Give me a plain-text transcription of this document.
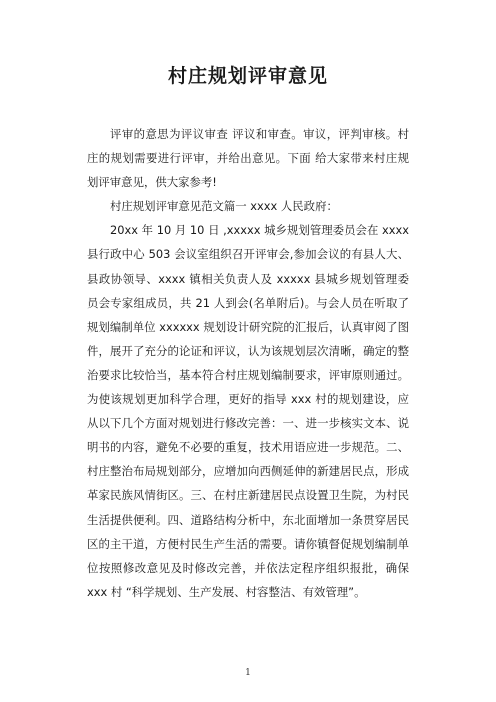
村庄规划评审意见

评审的意思为评议审查 评议和审查。审议，评判审核。村庄的规划需要进行评审，并给出意见。下面 给大家带来村庄规划评审意见，供大家参考!

村庄规划评审意见范文篇一 xxxx 人民政府：

20xx 年 10 月 10 日 ,xxxxx 城乡规划管理委员会在 xxxx 县行政中心 503 会议室组织召开评审会,参加会议的有县人大、县政协领导、xxxx 镇相关负责人及 xxxxx 县城乡规划管理委员会专家组成员，共 21 人到会(名单附后)。与会人员在听取了规划编制单位 xxxxxx 规划设计研究院的汇报后，认真审阅了图件，展开了充分的论证和评议，认为该规划层次清晰，确定的整治要求比较恰当，基本符合村庄规划编制要求，评审原则通过。 为使该规划更加科学合理，更好的指导 xxx 村的规划建设，应从以下几个方面对规划进行修改完善：一、进一步核实文本、说明书的内容，避免不必要的重复，技术用语应进一步规范。二、村庄整治布局规划部分，应增加向西侧延伸的新建居民点，形成革家民族风情街区。三、在村庄新建居民点设置卫生院，为村民生活提供便利。四、道路结构分析中，东北面增加一条贯穿居民区的主干道，方便村民生产生活的需要。请你镇督促规划编制单位按照修改意见及时修改完善，并依法定程序组织报批，确保 xxx 村 “科学规划、生产发展、村容整洁、有效管理”。

1
